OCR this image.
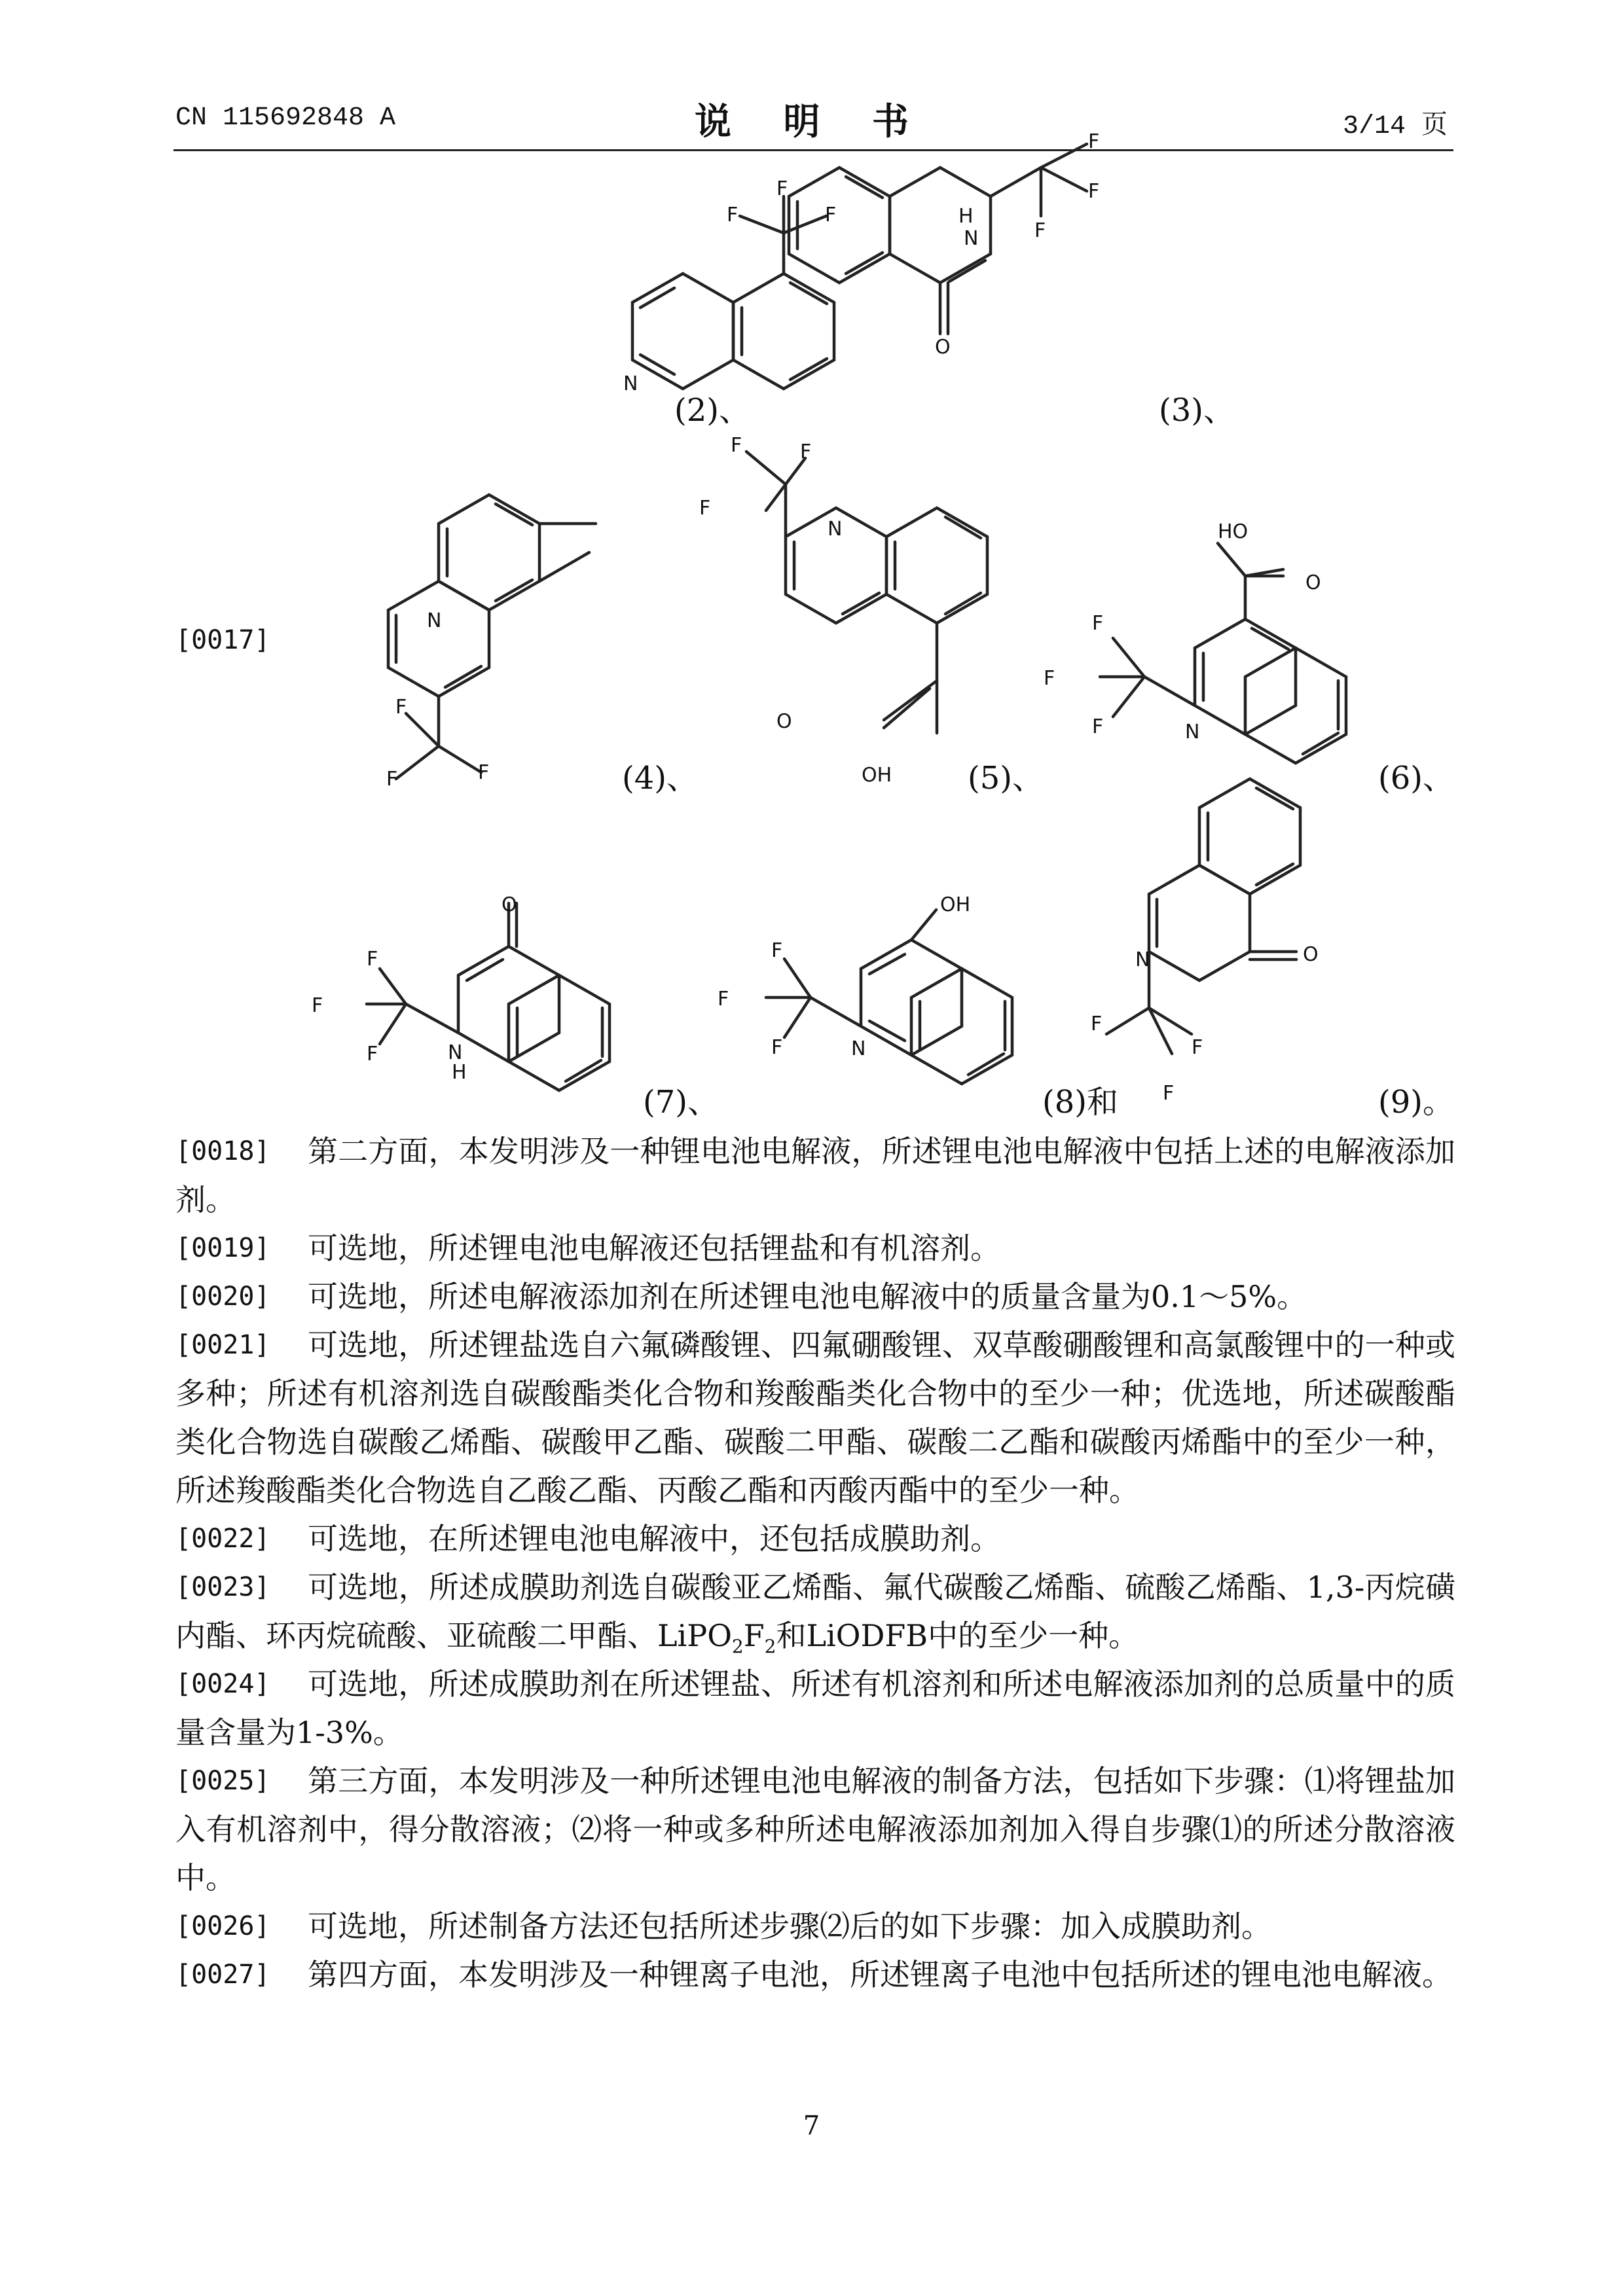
CN 115692848 A	说 明 书	3/14 页
F	F
F
N
N
H
O
F
F
F
N
F
F	F
N
F	F
F
O
OH
HO
O
N
F
F
F
O
N
H
F
F
F
OH
N
F
F
F
O
N
F
F
F
(2)、	(3)、
(4)、	(5)、	(6)、
(7)、	(8)和	(9)。
[0017]
[0018]	第二方面，本发明涉及一种锂电池电解液，所述锂电池电解液中包括上述的电解液添加剂。
[0019]	可选地，所述锂电池电解液还包括锂盐和有机溶剂。
[0020]	可选地，所述电解液添加剂在所述锂电池电解液中的质量含量为0.1～5%。
[0021]	可选地，所述锂盐选自六氟磷酸锂、四氟硼酸锂、双草酸硼酸锂和高氯酸锂中的一种或多种；所述有机溶剂选自碳酸酯类化合物和羧酸酯类化合物中的至少一种；优选地，所述碳酸酯类化合物选自碳酸乙烯酯、碳酸甲乙酯、碳酸二甲酯、碳酸二乙酯和碳酸丙烯酯中的至少一种，所述羧酸酯类化合物选自乙酸乙酯、丙酸乙酯和丙酸丙酯中的至少一种。
[0022]	可选地，在所述锂电池电解液中，还包括成膜助剂。
[0023]	可选地，所述成膜助剂选自碳酸亚乙烯酯、氟代碳酸乙烯酯、硫酸乙烯酯、1,3-丙烷磺内酯、环丙烷硫酸、亚硫酸二甲酯、$LiPO_2F_2$和LiODFB中的至少一种。
[0024]	可选地，所述成膜助剂在所述锂盐、所述有机溶剂和所述电解液添加剂的总质量中的质量含量为1-3%。
[0025]	第三方面，本发明涉及一种所述锂电池电解液的制备方法，包括如下步骤：⑴将锂盐加入有机溶剂中，得分散溶液；⑵将一种或多种所述电解液添加剂加入得自步骤⑴的所述分散溶液中。
[0026]	可选地，所述制备方法还包括所述步骤⑵后的如下步骤：加入成膜助剂。
[0027]	第四方面，本发明涉及一种锂离子电池，所述锂离子电池中包括所述的锂电池电解液。
7
